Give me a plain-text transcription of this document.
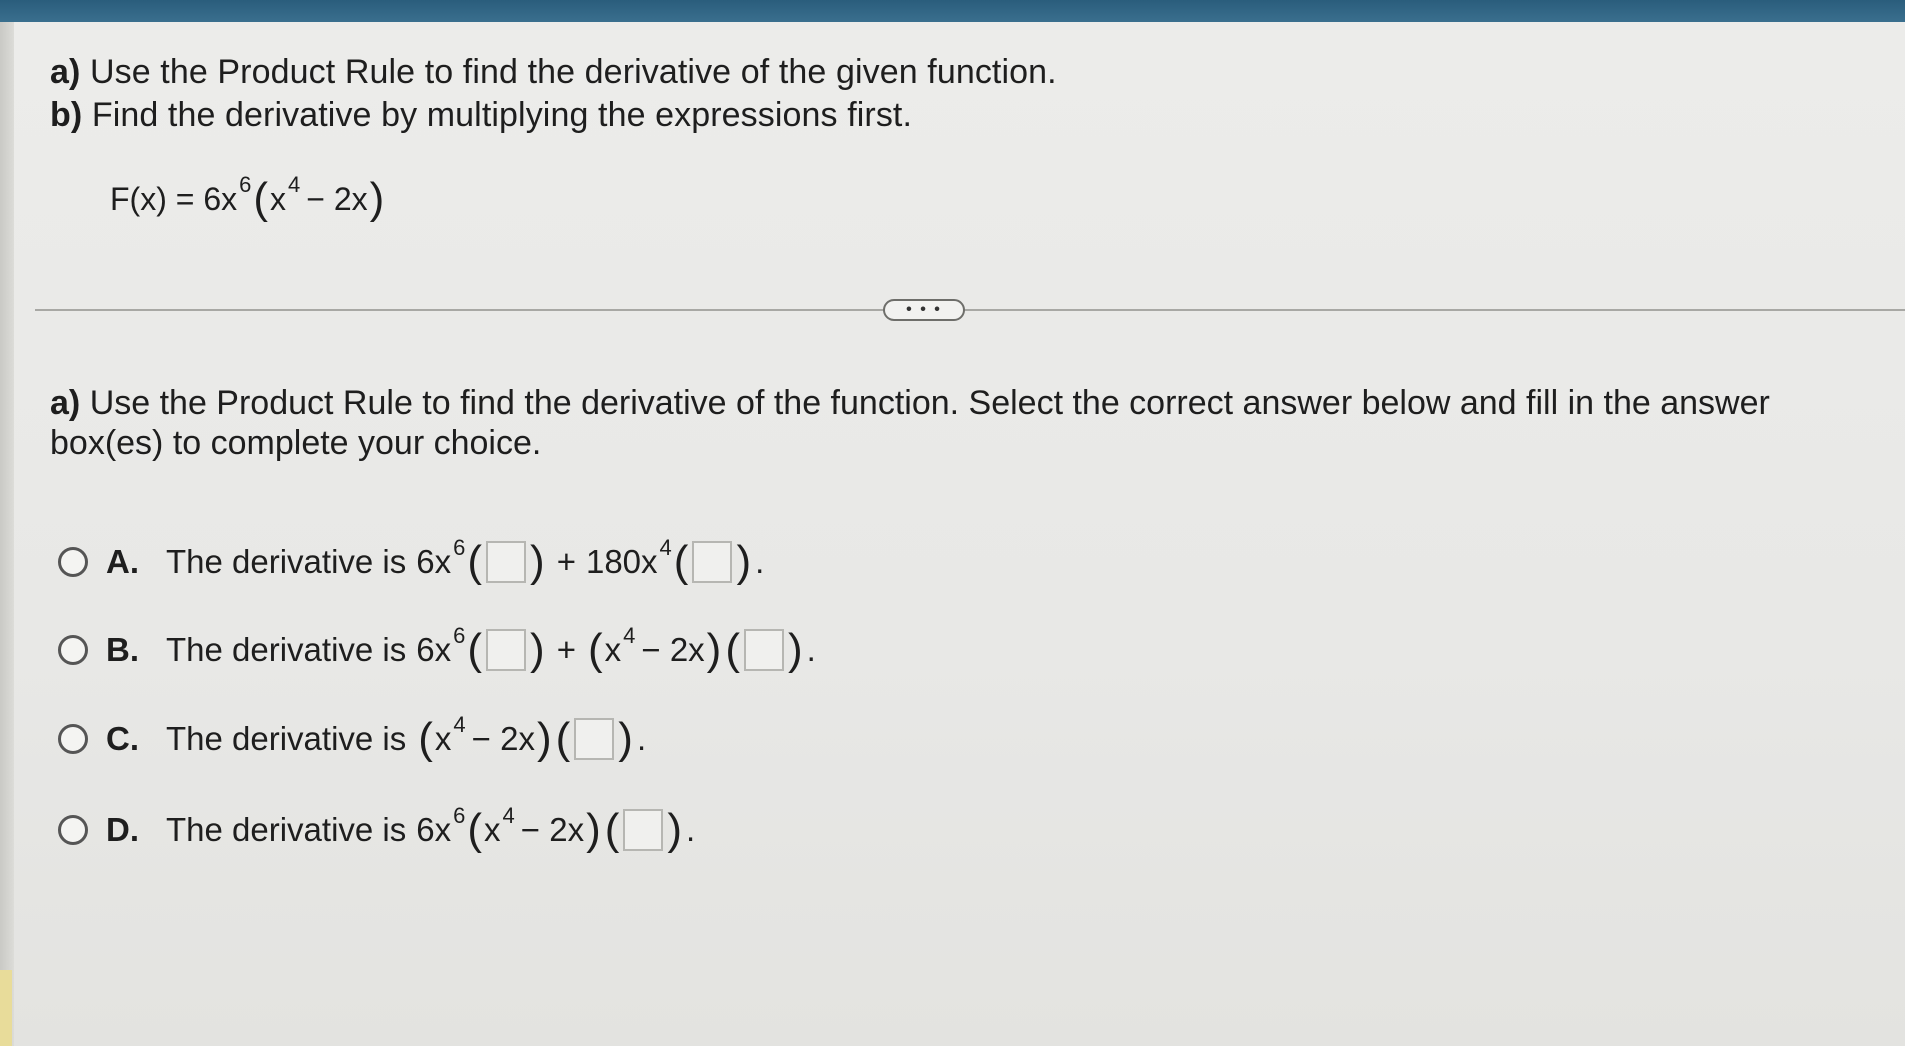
a) Use the Product Rule to find the derivative of the given function.
b) Find the derivative by multiplying the expressions first.
F(x) = 6x 6 ( x 4 − 2x )
• • •
a) Use the Product Rule to find the derivative of the function. Select the correct answer below and fill in the answer box(es) to complete your choice.
A. The derivative is 6x 6 ( ) + 180x 4 ( ) .
B. The derivative is 6x 6 ( ) + ( x 4 − 2x ) ( ) .
C. The derivative is ( x 4 − 2x ) ( ) .
D. The derivative is 6x 6 ( x 4 − 2x ) ( ) .
